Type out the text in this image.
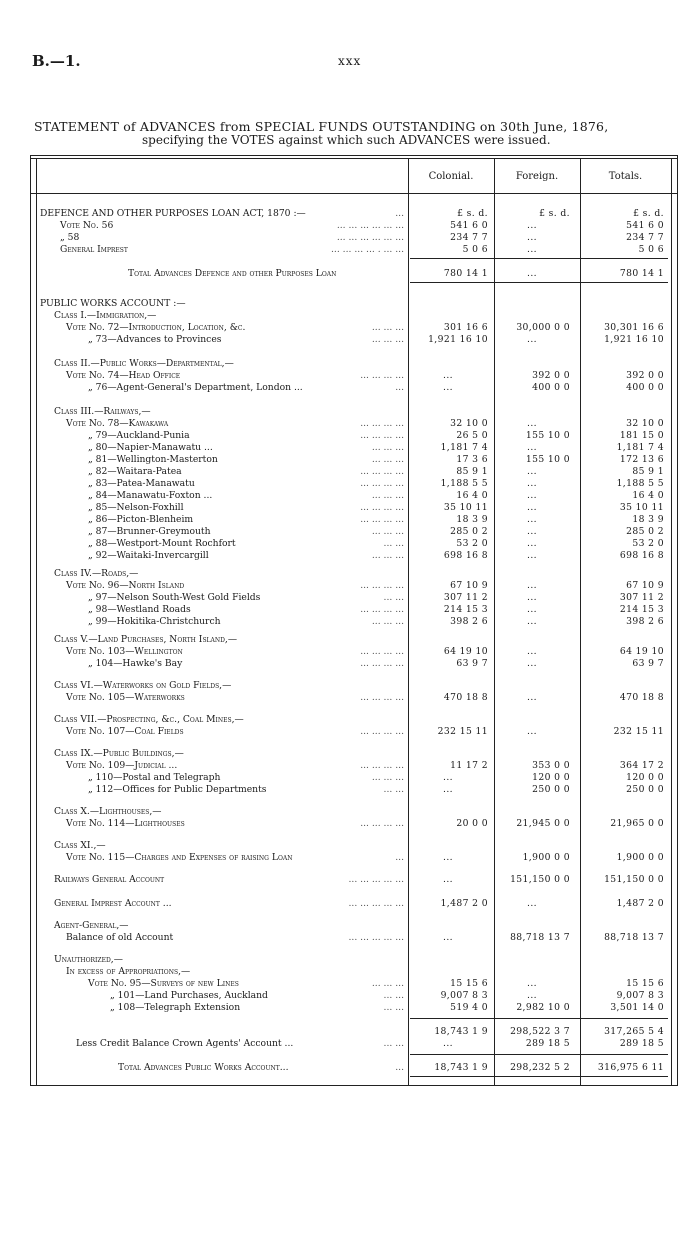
B.—1.	xxx
STATEMENT of ADVANCES from SPECIAL FUNDS OUTSTANDING on 30th June, 1876,
specifying the VOTES against which such ADVANCES were issued.
Colonial.	Foreign.	Totals.
DEFENCE AND OTHER PURPOSES LOAN ACT, 1870 :—	...	£ s. d.	£ s. d.	£ s. d.
Vote No. 56	... ... ... ... ... ...	541 6 0	...	541 6 0
„ 58	... ... ... ... ... ...	234 7 7	...	234 7 7
General Imprest	... ... ... ... . ... ...	5 0 6	...	5 0 6
Total Advances Defence and other Purposes Loan	780 14 1	...	780 14 1
PUBLIC WORKS ACCOUNT :—
Class I.—Immigration,—
Vote No. 72—Introduction, Location, &c.	... ... ...	301 16 6	30,000 0 0	30,301 16 6
„ 73—Advances to Provinces	... ... ...	1,921 16 10	...	1,921 16 10
Class II.—Public Works—Departmental,—
Vote No. 74—Head Office	... ... ... ...	...	392 0 0	392 0 0
„ 76—Agent-General's Department, London ...	...	...	400 0 0	400 0 0
Class III.—Railways,—
Vote No. 78—Kawakawa	... ... ... ...	32 10 0	...	32 10 0
„ 79—Auckland-Punia	... ... ... ...	26 5 0	155 10 0	181 15 0
„ 80—Napier-Manawatu ...	... ... ...	1,181 7 4	...	1,181 7 4
„ 81—Wellington-Masterton	... ... ...	17 3 6	155 10 0	172 13 6
„ 82—Waitara-Patea	... ... ... ...	85 9 1	...	85 9 1
„ 83—Patea-Manawatu	... ... ... ...	1,188 5 5	...	1,188 5 5
„ 84—Manawatu-Foxton ...	... ... ...	16 4 0	...	16 4 0
„ 85—Nelson-Foxhill	... ... ... ...	35 10 11	...	35 10 11
„ 86—Picton-Blenheim	... ... ... ...	18 3 9	...	18 3 9
„ 87—Brunner-Greymouth	... ... ...	285 0 2	...	285 0 2
„ 88—Westport-Mount Rochfort	... ...	53 2 0	...	53 2 0
„ 92—Waitaki-Invercargill	... ... ...	698 16 8	...	698 16 8
Class IV.—Roads,—
Vote No. 96—North Island	... ... ... ...	67 10 9	...	67 10 9
„ 97—Nelson South-West Gold Fields	... ...	307 11 2	...	307 11 2
„ 98—Westland Roads	... ... ... ...	214 15 3	...	214 15 3
„ 99—Hokitika-Christchurch	... ... ...	398 2 6	...	398 2 6
Class V.—Land Purchases, North Island,—
Vote No. 103—Wellington	... ... ... ...	64 19 10	...	64 19 10
„ 104—Hawke's Bay	... ... ... ...	63 9 7	...	63 9 7
Class VI.—Waterworks on Gold Fields,—
Vote No. 105—Waterworks	... ... ... ...	470 18 8	...	470 18 8
Class VII.—Prospecting, &c., Coal Mines,—
Vote No. 107—Coal Fields	... ... ... ...	232 15 11	...	232 15 11
Class IX.—Public Buildings,—
Vote No. 109—Judicial ...	... ... ... ...	11 17 2	353 0 0	364 17 2
„ 110—Postal and Telegraph	... ... ...	...	120 0 0	120 0 0
„ 112—Offices for Public Departments	... ...	...	250 0 0	250 0 0
Class X.—Lighthouses,—
Vote No. 114—Lighthouses	... ... ... ...	20 0 0	21,945 0 0	21,965 0 0
Class XI.,—
Vote No. 115—Charges and Expenses of raising Loan	...	...	1,900 0 0	1,900 0 0
Railways General Account	... ... ... ... ...	...	151,150 0 0	151,150 0 0
General Imprest Account ...	... ... ... ... ...	1,487 2 0	...	1,487 2 0
Agent-General,—
Balance of old Account	... ... ... ... ...	...	88,718 13 7	88,718 13 7
Unauthorized,—
In excess of Appropriations,—
Vote No. 95—Surveys of new Lines	... ... ...	15 15 6	...	15 15 6
„ 101—Land Purchases, Auckland	... ...	9,007 8 3	...	9,007 8 3
„ 108—Telegraph Extension	... ...	519 4 0	2,982 10 0	3,501 14 0
18,743 1 9	298,522 3 7	317,265 5 4
Less Credit Balance Crown Agents' Account ...	... ...	...	289 18 5	289 18 5
Total Advances Public Works Account...	...	18,743 1 9	298,232 5 2	316,975 6 11
